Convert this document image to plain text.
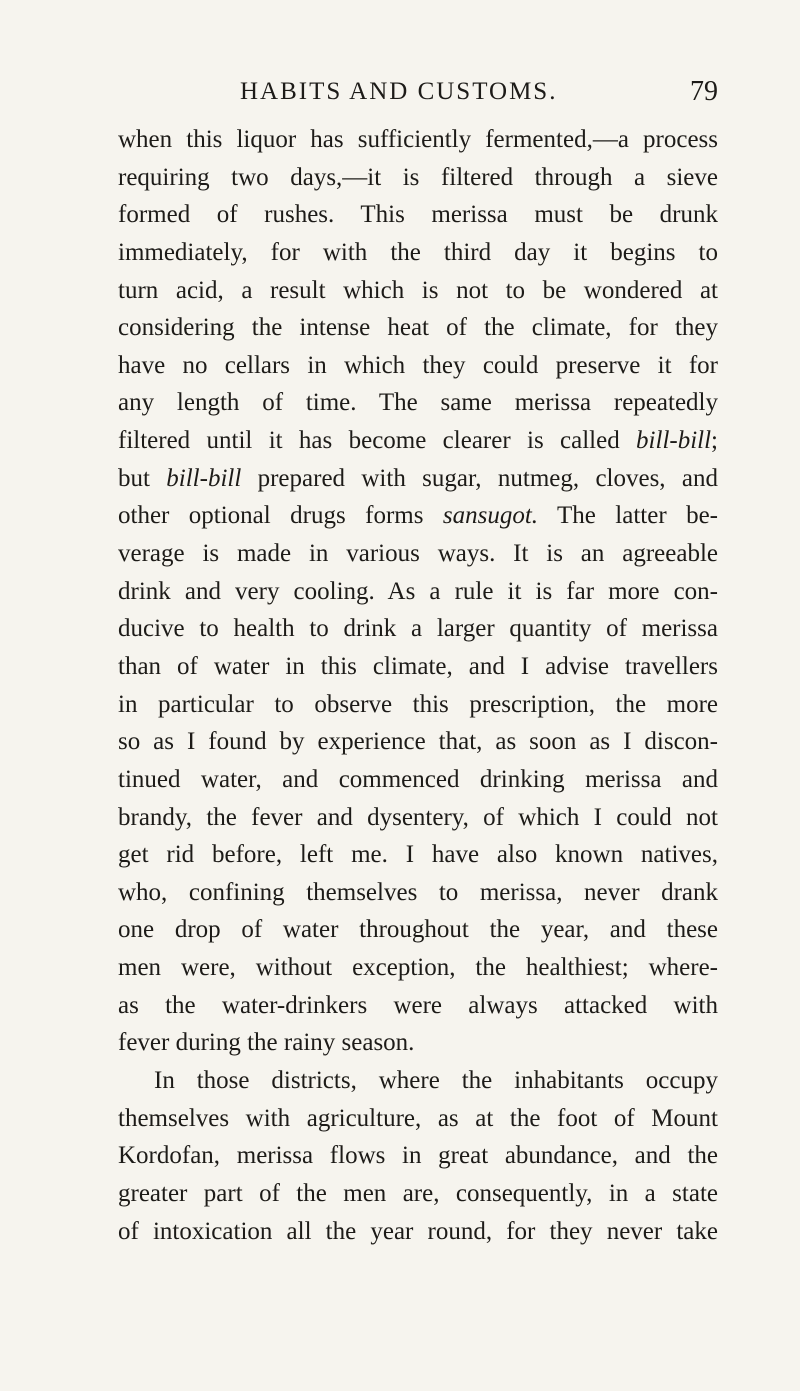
HABITS AND CUSTOMS.	79
when this liquor has sufficiently fermented,—a process
requiring two days,—it is filtered through a sieve
formed of rushes. This merissa must be drunk
immediately, for with the third day it begins to
turn acid, a result which is not to be wondered at
considering the intense heat of the climate, for they
have no cellars in which they could preserve it for
any length of time. The same merissa repeatedly
filtered until it has become clearer is called bill-bill;
but bill-bill prepared with sugar, nutmeg, cloves, and
other optional drugs forms sansugot. The latter be-
verage is made in various ways. It is an agreeable
drink and very cooling. As a rule it is far more con-
ducive to health to drink a larger quantity of merissa
than of water in this climate, and I advise travellers
in particular to observe this prescription, the more
so as I found by experience that, as soon as I discon-
tinued water, and commenced drinking merissa and
brandy, the fever and dysentery, of which I could not
get rid before, left me. I have also known natives,
who, confining themselves to merissa, never drank
one drop of water throughout the year, and these
men were, without exception, the healthiest; where-
as the water-drinkers were always attacked with
fever during the rainy season.
In those districts, where the inhabitants occupy
themselves with agriculture, as at the foot of Mount
Kordofan, merissa flows in great abundance, and the
greater part of the men are, consequently, in a state
of intoxication all the year round, for they never take
